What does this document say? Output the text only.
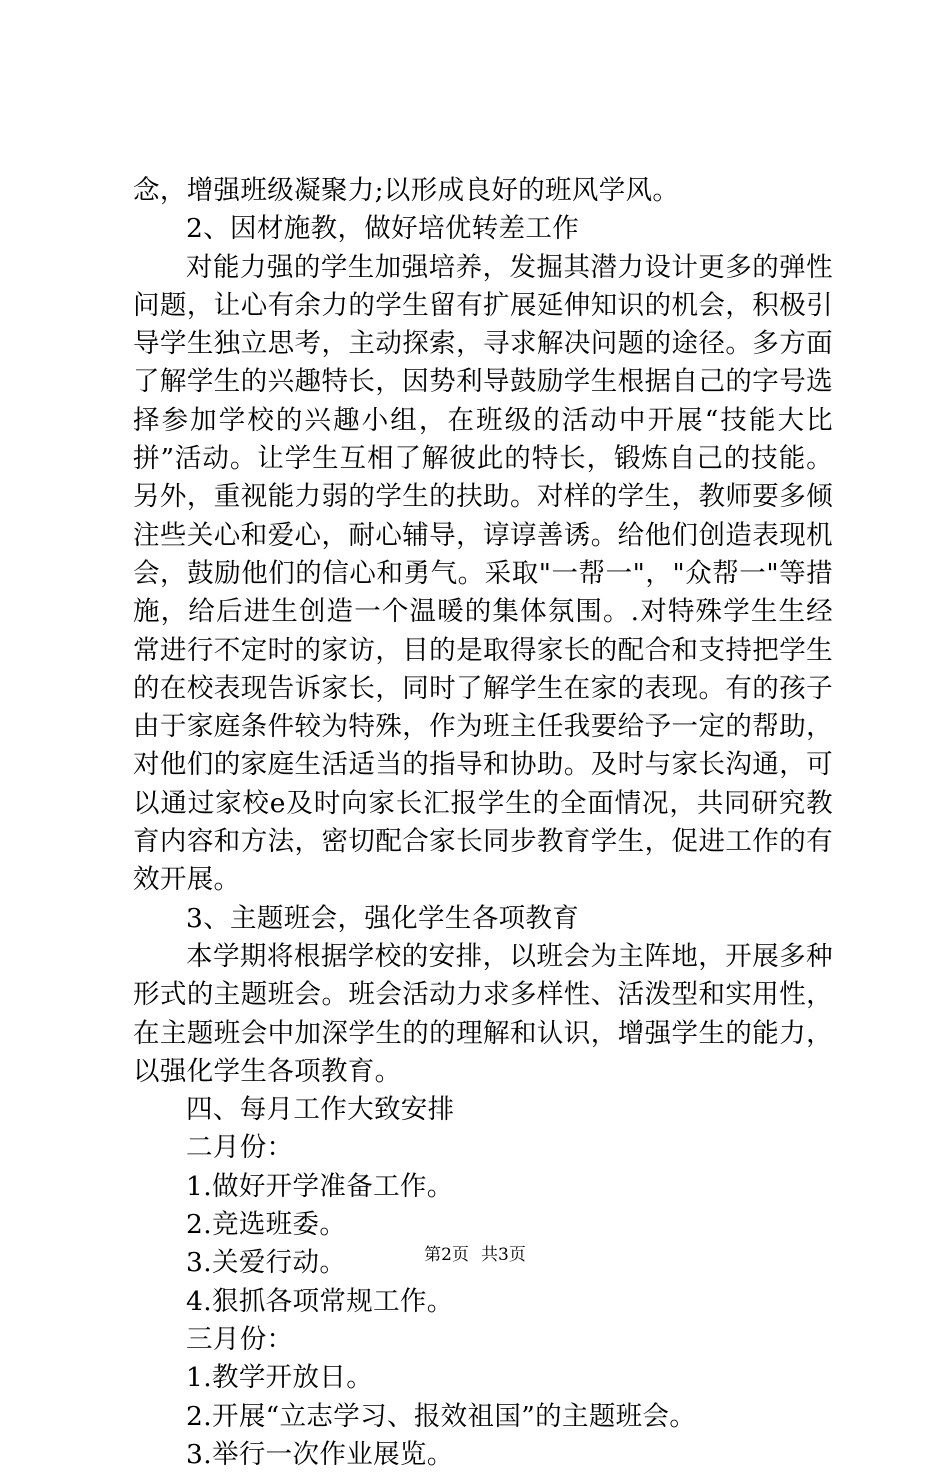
念，增强班级凝聚力;以形成良好的班风学风。

2、因材施教，做好培优转差工作

对能力强的学生加强培养，发掘其潜力设计更多的弹性问题，让心有余力的学生留有扩展延伸知识的机会，积极引导学生独立思考，主动探索，寻求解决问题的途径。多方面了解学生的兴趣特长，因势利导鼓励学生根据自己的字号选择参加学校的兴趣小组，在班级的活动中开展“技能大比拼”活动。让学生互相了解彼此的特长，锻炼自己的技能。另外，重视能力弱的学生的扶助。对样的学生，教师要多倾注些关心和爱心，耐心辅导，谆谆善诱。给他们创造表现机会，鼓励他们的信心和勇气。采取"一帮一"，"众帮一"等措施，给后进生创造一个温暖的集体氛围。.对特殊学生生经常进行不定时的家访，目的是取得家长的配合和支持把学生的在校表现告诉家长，同时了解学生在家的表现。有的孩子由于家庭条件较为特殊，作为班主任我要给予一定的帮助，对他们的家庭生活适当的指导和协助。及时与家长沟通，可以通过家校e及时向家长汇报学生的全面情况，共同研究教育内容和方法，密切配合家长同步教育学生，促进工作的有效开展。

3、主题班会，强化学生各项教育

本学期将根据学校的安排，以班会为主阵地，开展多种形式的主题班会。班会活动力求多样性、活泼型和实用性，在主题班会中加深学生的的理解和认识，增强学生的能力，以强化学生各项教育。

四、每月工作大致安排

二月份：

1.做好开学准备工作。

2.竞选班委。

3.关爱行动。

4.狠抓各项常规工作。

三月份：

1.教学开放日。

2.开展“立志学习、报效祖国”的主题班会。

3.举行一次作业展览。

第2页 共3页
